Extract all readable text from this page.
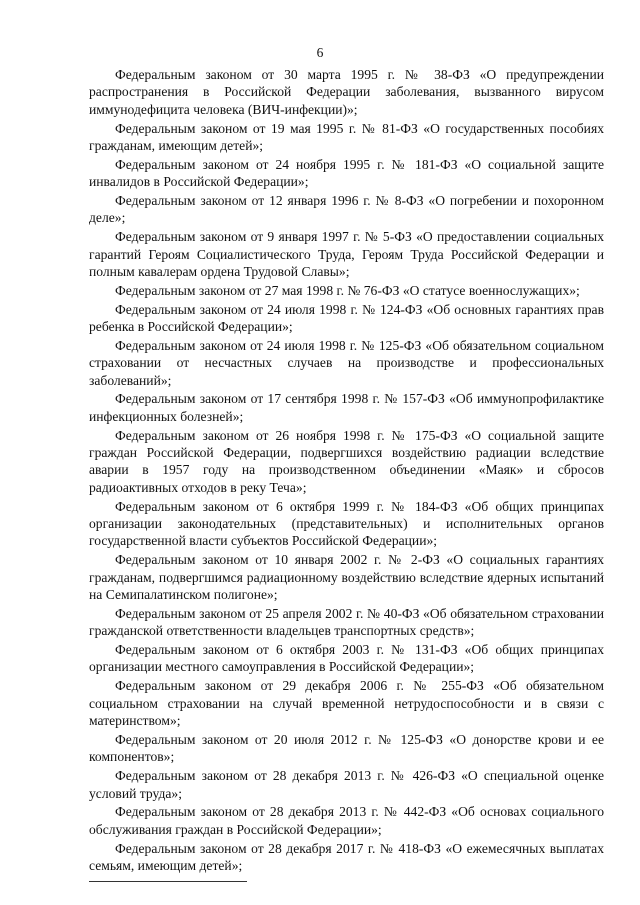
6

Федеральным законом от 30 марта 1995 г. № 38-ФЗ «О предупреждении распространения в Российской Федерации заболевания, вызванного вирусом иммунодефицита человека (ВИЧ-инфекции)»;

Федеральным законом от 19 мая 1995 г. № 81-ФЗ «О государственных пособиях гражданам, имеющим детей»;

Федеральным законом от 24 ноября 1995 г. № 181-ФЗ «О социальной защите инвалидов в Российской Федерации»;

Федеральным законом от 12 января 1996 г. № 8-ФЗ «О погребении и похоронном деле»;

Федеральным законом от 9 января 1997 г. № 5-ФЗ «О предоставлении социальных гарантий Героям Социалистического Труда, Героям Труда Российской Федерации и полным кавалерам ордена Трудовой Славы»;

Федеральным законом от 27 мая 1998 г. № 76-ФЗ «О статусе военнослужащих»;

Федеральным законом от 24 июля 1998 г. № 124-ФЗ «Об основных гарантиях прав ребенка в Российской Федерации»;

Федеральным законом от 24 июля 1998 г. № 125-ФЗ «Об обязательном социальном страховании от несчастных случаев на производстве и профессиональных заболеваний»;

Федеральным законом от 17 сентября 1998 г. № 157-ФЗ «Об иммунопрофилактике инфекционных болезней»;

Федеральным законом от 26 ноября 1998 г. № 175-ФЗ «О социальной защите граждан Российской Федерации, подвергшихся воздействию радиации вследствие аварии в 1957 году на производственном объединении «Маяк» и сбросов радиоактивных отходов в реку Теча»;

Федеральным законом от 6 октября 1999 г. № 184-ФЗ «Об общих принципах организации законодательных (представительных) и исполнительных органов государственной власти субъектов Российской Федерации»;

Федеральным законом от 10 января 2002 г. № 2-ФЗ «О социальных гарантиях гражданам, подвергшимся радиационному воздействию вследствие ядерных испытаний на Семипалатинском полигоне»;

Федеральным законом от 25 апреля 2002 г. № 40-ФЗ «Об обязательном страховании гражданской ответственности владельцев транспортных средств»;

Федеральным законом от 6 октября 2003 г. № 131-ФЗ «Об общих принципах организации местного самоуправления в Российской Федерации»;

Федеральным законом от 29 декабря 2006 г. № 255-ФЗ «Об обязательном социальном страховании на случай временной нетрудоспособности и в связи с материнством»;

Федеральным законом от 20 июля 2012 г. № 125-ФЗ «О донорстве крови и ее компонентов»;

Федеральным законом от 28 декабря 2013 г. № 426-ФЗ «О специальной оценке условий труда»;

Федеральным законом от 28 декабря 2013 г. № 442-ФЗ «Об основах социального обслуживания граждан в Российской Федерации»;

Федеральным законом от 28 декабря 2017 г. № 418-ФЗ «О ежемесячных выплатах семьям, имеющим детей»;
